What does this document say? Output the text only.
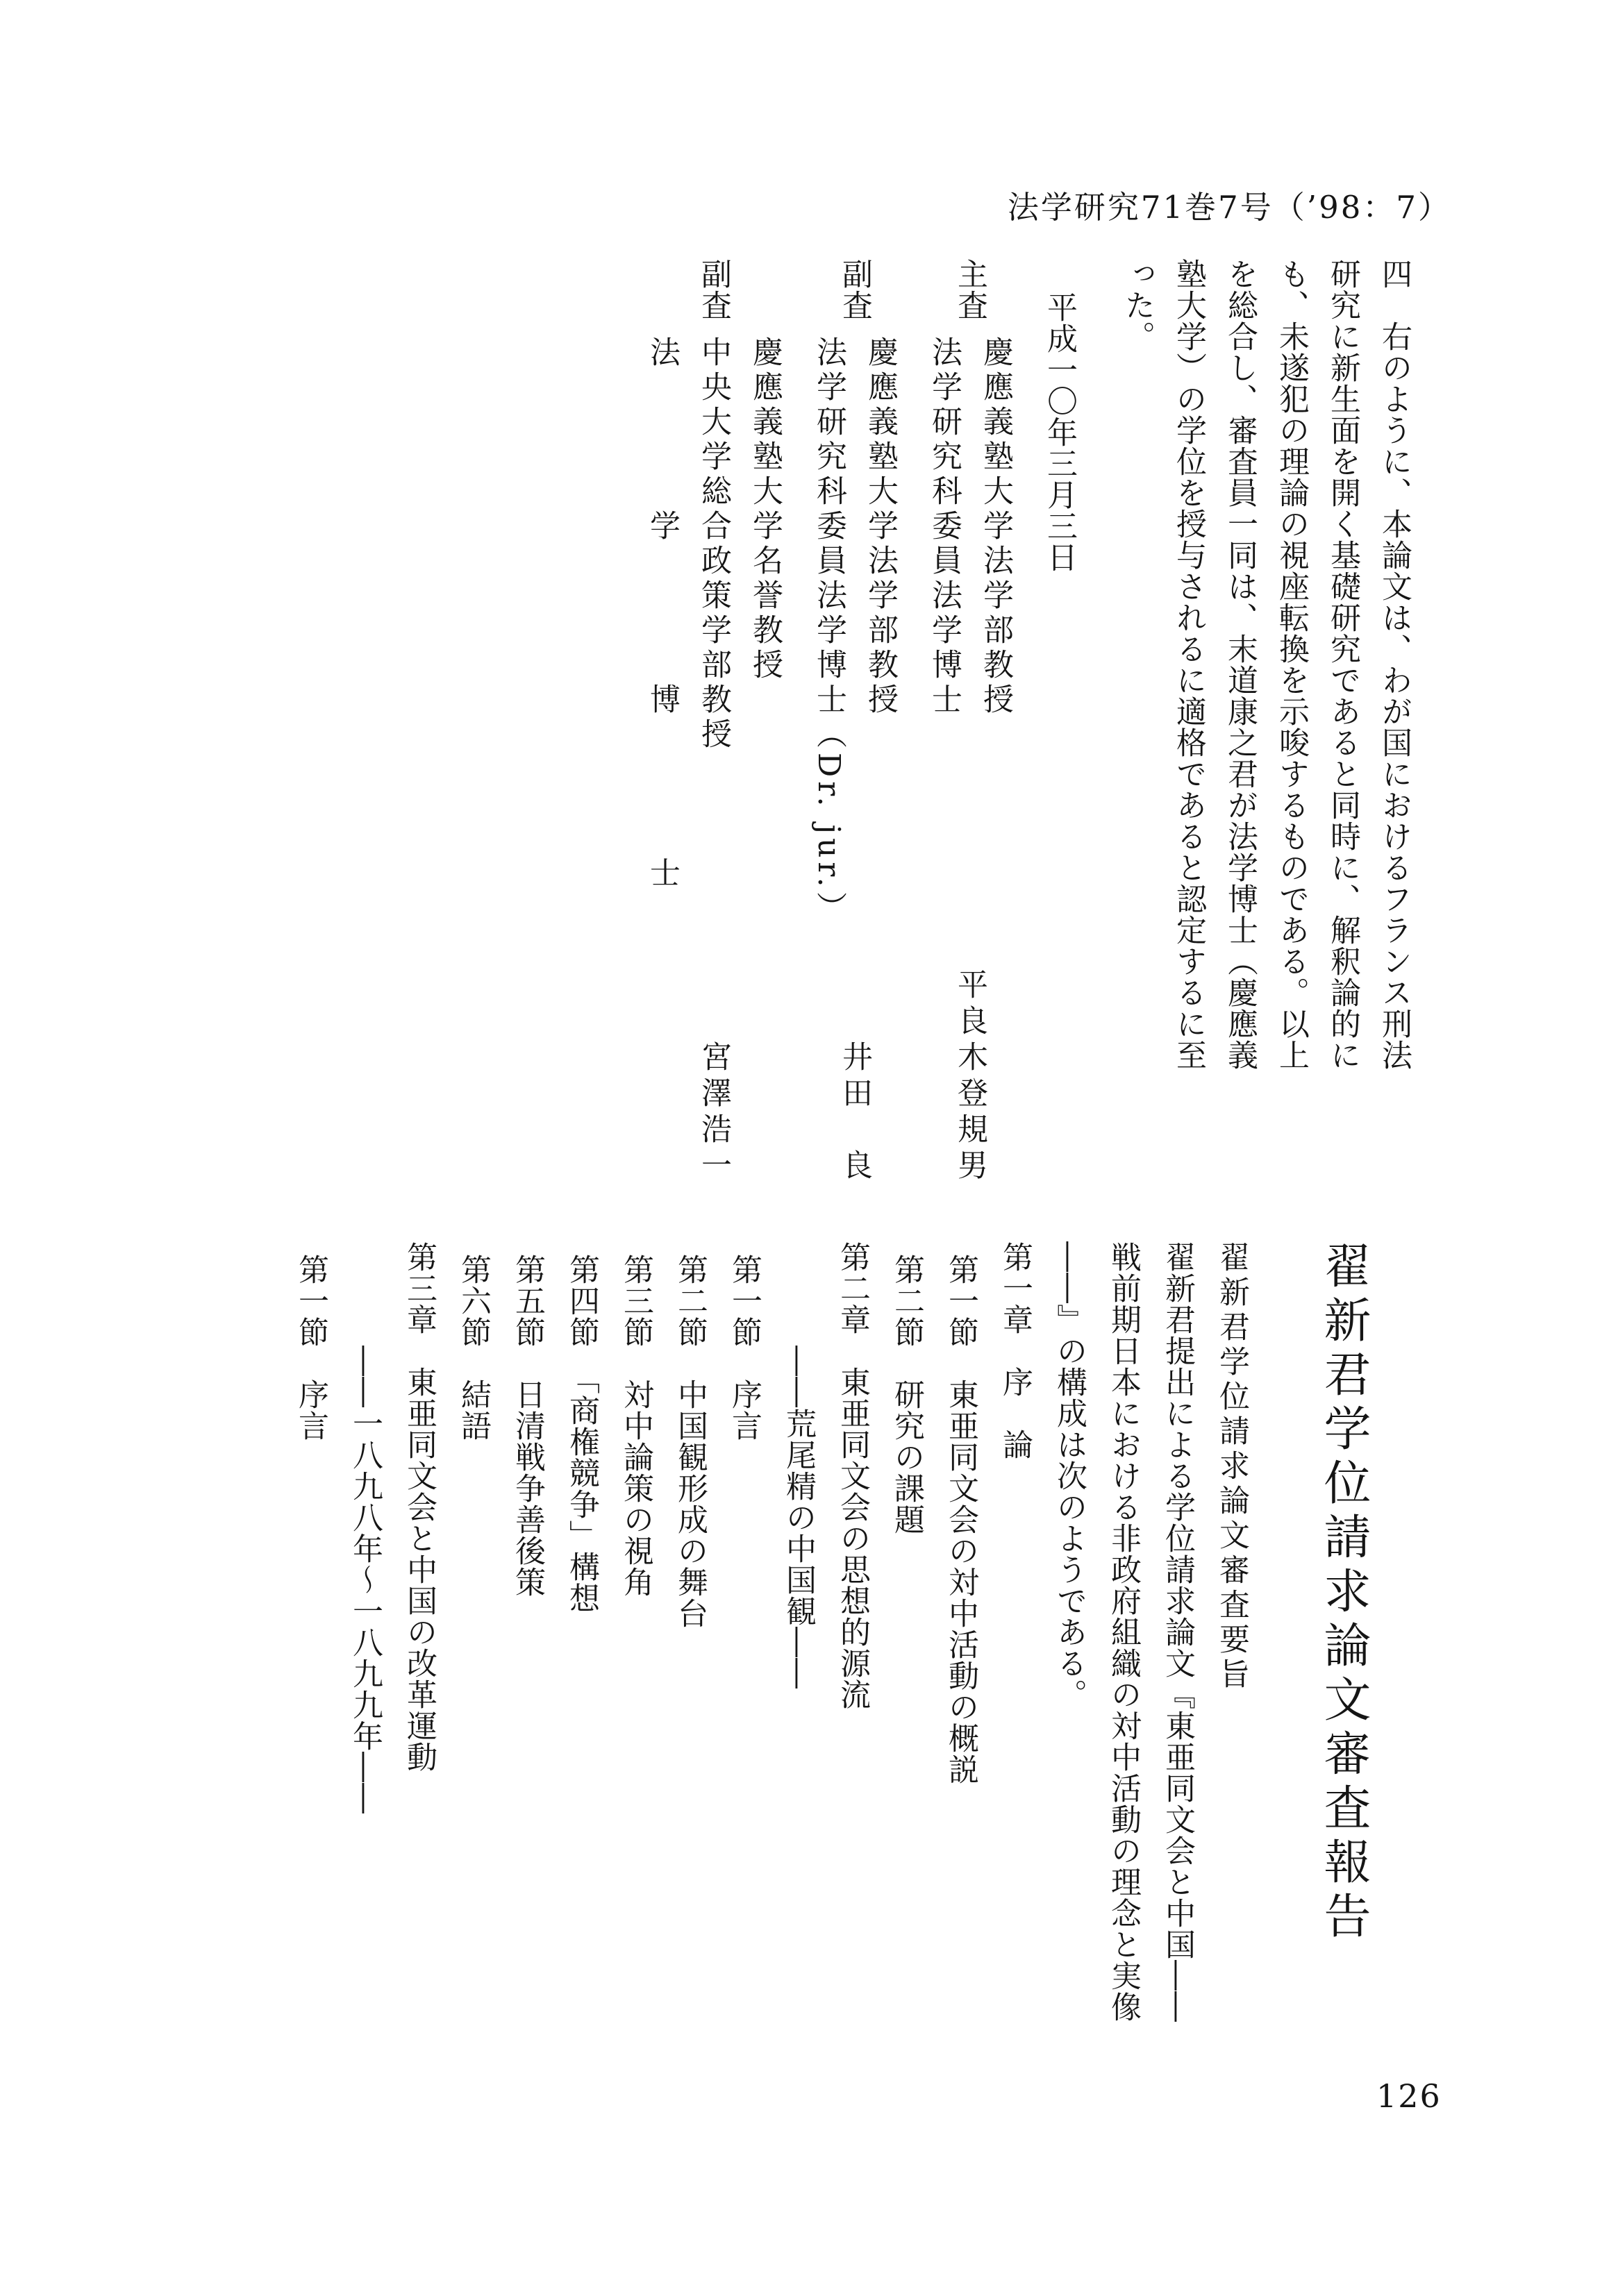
法学研究71巻7号（’98：7）
四　右のように、本論文は、わが国におけるフランス刑法
研究に新生面を開く基礎研究であると同時に、解釈論的に
も、未遂犯の理論の視座転換を示唆するものである。以上
を総合し、審査員一同は、末道康之君が法学博士（慶應義
塾大学）の学位を授与されるに適格であると認定するに至
った。
平成一〇年三月三日
主査
慶應義塾大学法学部教授
法学研究科委員法学博士
平良木登規男
副査
慶應義塾大学法学部教授
法学研究科委員法学博士（Dr. jur.）
井田　良
副査
慶應義塾大学名誉教授
中央大学総合政策学部教授
法　　　　学　　　　博　　　　士
宮澤浩一
翟新君学位請求論文審査報告
翟新君学位請求論文審査要旨
翟新君提出による学位請求論文『東亜同文会と中国――
戦前期日本における非政府組織の対中活動の理念と実像
――』の構成は次のようである。
第一章　序　論
第一節　東亜同文会の対中活動の概説
第二節　研究の課題
第二章　東亜同文会の思想的源流
――荒尾精の中国観――
第一節　序言
第二節　中国観形成の舞台
第三節　対中論策の視角
第四節　「商権競争」構想
第五節　日清戦争善後策
第六節　結語
第三章　東亜同文会と中国の改革運動
――一八九八年〜一八九九年――
第一節　序言
126
